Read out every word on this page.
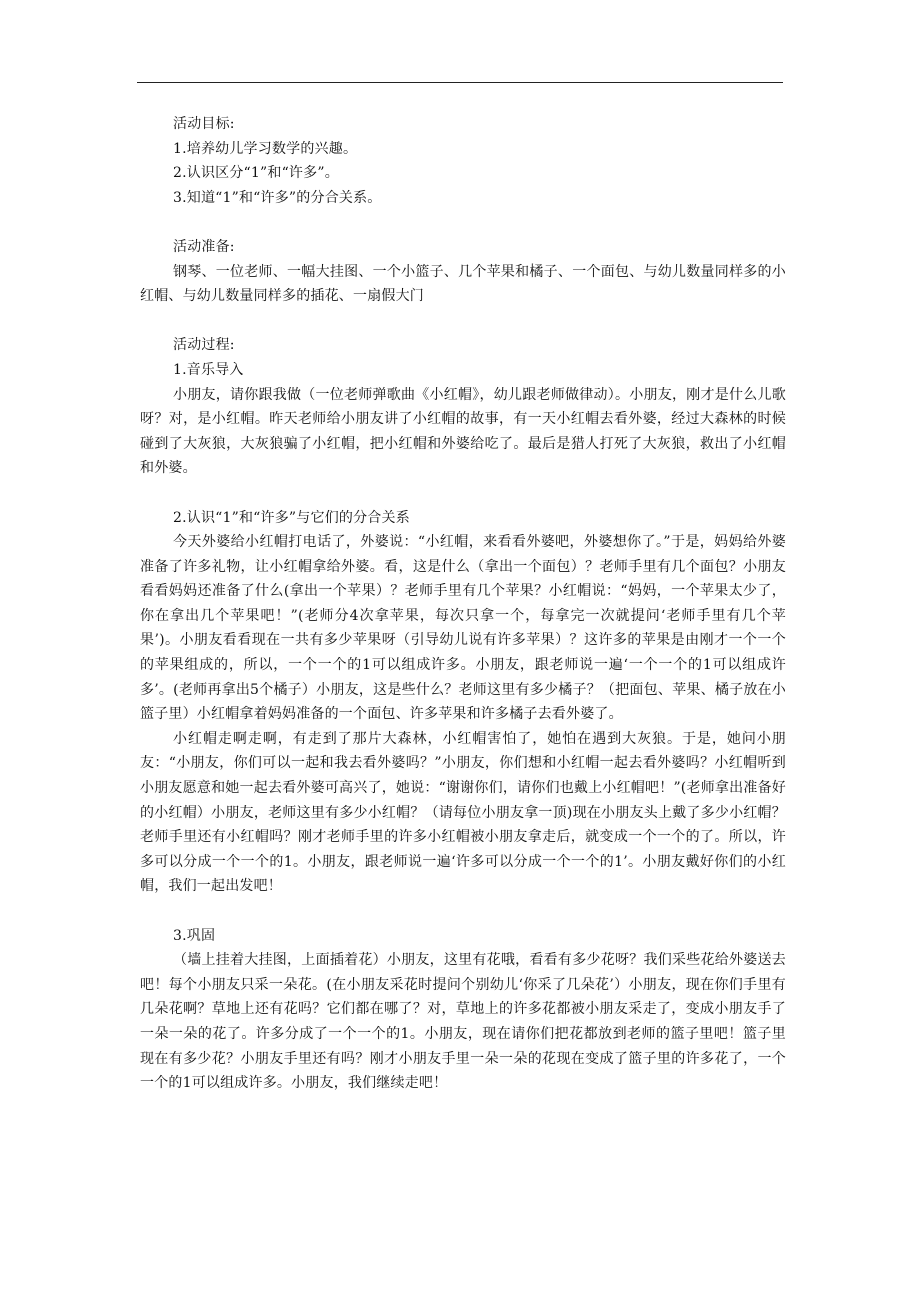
活动目标:
1.培养幼儿学习数学的兴趣。
2.认识区分“1”和“许多”。
3.知道“1”和“许多”的分合关系。
活动准备:

钢琴、一位老师、一幅大挂图、一个小篮子、几个苹果和橘子、一个面包、与幼儿数量同样多的小红帽、与幼儿数量同样多的插花、一扇假大门

活动过程:
1.音乐导入

小朋友，请你跟我做（一位老师弹歌曲《小红帽》，幼儿跟老师做律动）。小朋友，刚才是什么儿歌呀？对，是小红帽。昨天老师给小朋友讲了小红帽的故事，有一天小红帽去看外婆，经过大森林的时候碰到了大灰狼，大灰狼骗了小红帽，把小红帽和外婆给吃了。最后是猎人打死了大灰狼，救出了小红帽和外婆。

2.认识“1”和“许多”与它们的分合关系

今天外婆给小红帽打电话了，外婆说：“小红帽，来看看外婆吧，外婆想你了。”于是，妈妈给外婆准备了许多礼物，让小红帽拿给外婆。看，这是什么（拿出一个面包）？老师手里有几个面包？小朋友看看妈妈还准备了什么(拿出一个苹果）？老师手里有几个苹果？小红帽说：“妈妈，一个苹果太少了，你在拿出几个苹果吧！”(老师分4次拿苹果，每次只拿一个，每拿完一次就提问‘老师手里有几个苹果’)。小朋友看看现在一共有多少苹果呀（引导幼儿说有许多苹果）？这许多的苹果是由刚才一个一个的苹果组成的，所以，一个一个的1可以组成许多。小朋友，跟老师说一遍‘一个一个的1可以组成许多’。(老师再拿出5个橘子）小朋友，这是些什么？老师这里有多少橘子？（把面包、苹果、橘子放在小篮子里）小红帽拿着妈妈准备的一个面包、许多苹果和许多橘子去看外婆了。

小红帽走啊走啊，有走到了那片大森林，小红帽害怕了，她怕在遇到大灰狼。于是，她问小朋友：“小朋友，你们可以一起和我去看外婆吗？”小朋友，你们想和小红帽一起去看外婆吗？小红帽听到小朋友愿意和她一起去看外婆可高兴了，她说：“谢谢你们，请你们也戴上小红帽吧！”(老师拿出准备好的小红帽）小朋友，老师这里有多少小红帽？（请每位小朋友拿一顶)现在小朋友头上戴了多少小红帽？老师手里还有小红帽吗？刚才老师手里的许多小红帽被小朋友拿走后，就变成一个一个的了。所以，许多可以分成一个一个的1。小朋友，跟老师说一遍‘许多可以分成一个一个的1’。小朋友戴好你们的小红帽，我们一起出发吧！

3.巩固

（墙上挂着大挂图，上面插着花）小朋友，这里有花哦，看看有多少花呀？我们采些花给外婆送去吧！每个小朋友只采一朵花。(在小朋友采花时提问个别幼儿‘你采了几朵花’）小朋友，现在你们手里有几朵花啊？草地上还有花吗？它们都在哪了？对，草地上的许多花都被小朋友采走了，变成小朋友手了一朵一朵的花了。许多分成了一个一个的1。小朋友，现在请你们把花都放到老师的篮子里吧！篮子里现在有多少花？小朋友手里还有吗？刚才小朋友手里一朵一朵的花现在变成了篮子里的许多花了，一个一个的1可以组成许多。小朋友，我们继续走吧！
